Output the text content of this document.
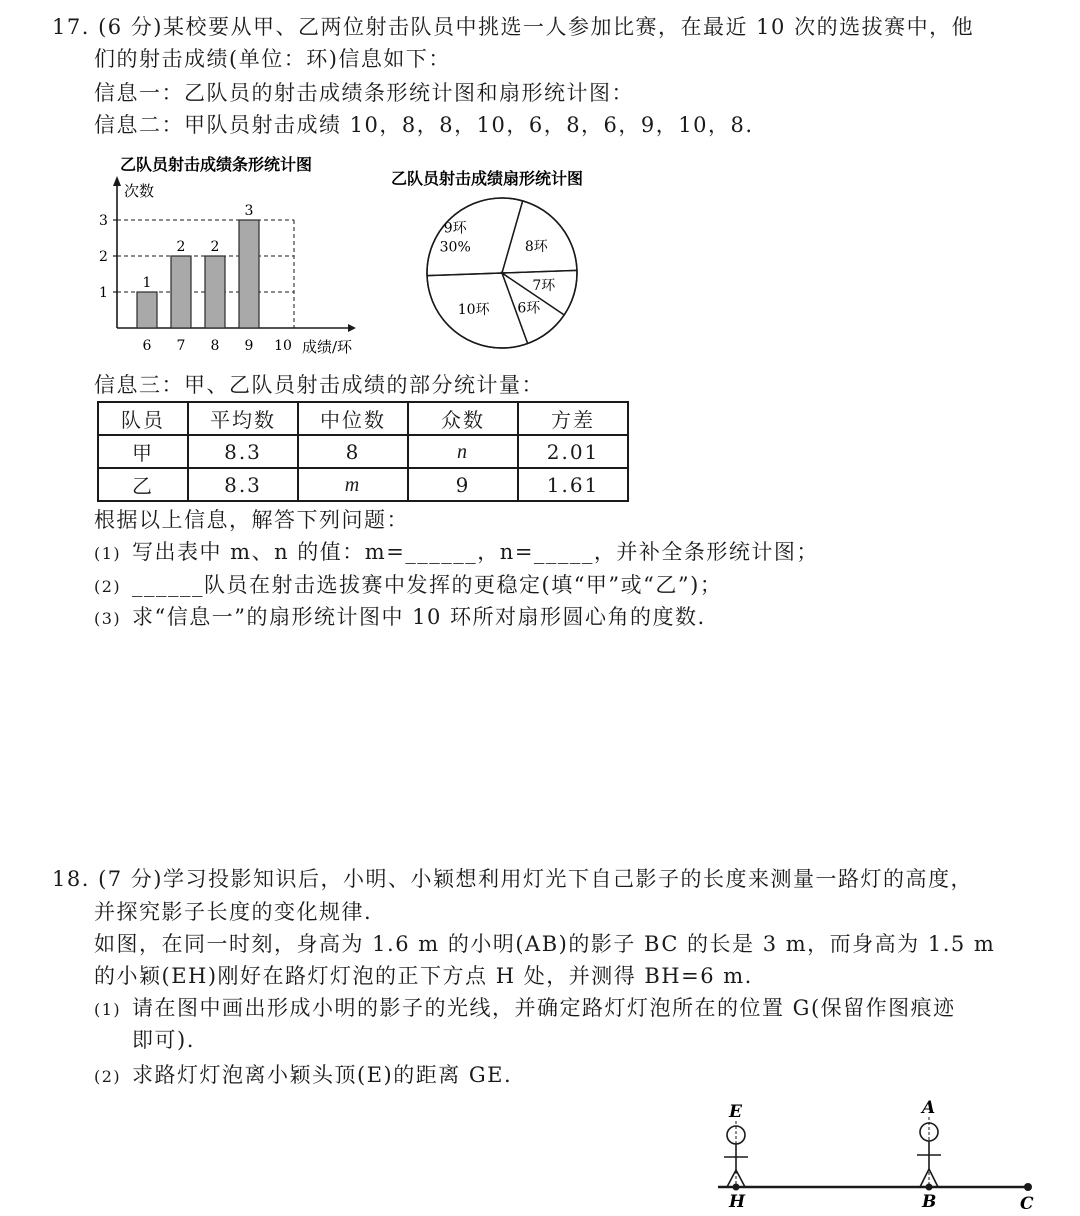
17. (6 分)某校要从甲、乙两位射击队员中挑选一人参加比赛，在最近 10 次的选拔赛中，他
们的射击成绩(单位：环)信息如下：
信息一：乙队员的射击成绩条形统计图和扇形统计图：
信息二：甲队员射击成绩 10，8，8，10，6，8，6，9，10，8.
乙队员射击成绩条形统计图
次数
1
2
3
1
6
2
7
2
8
3
9 10 成绩/环
乙队员射击成绩扇形统计图
9环
30%	8环
7环
6环
10环
信息三：甲、乙队员射击成绩的部分统计量：
队员	平均数	中位数	众数	方差
甲	8.3	8	n	2.01
乙	8.3	m	9	1.61
根据以上信息，解答下列问题：
(1) 写出表中 m、n 的值：m=______，n=_____，并补全条形统计图；
(2) ______队员在射击选拔赛中发挥的更稳定(填“甲”或“乙”)；
(3) 求“信息一”的扇形统计图中 10 环所对扇形圆心角的度数.
18. (7 分)学习投影知识后，小明、小颖想利用灯光下自己影子的长度来测量一路灯的高度，
并探究影子长度的变化规律.
如图，在同一时刻，身高为 1.6 m 的小明(AB)的影子 BC 的长是 3 m，而身高为 1.5 m
的小颖(EH)刚好在路灯灯泡的正下方点 H 处，并测得 BH=6 m.
(1) 请在图中画出形成小明的影子的光线，并确定路灯灯泡所在的位置 G(保留作图痕迹
即可).
(2) 求路灯灯泡离小颖头顶(E)的距离 GE.
E	A
H	B	C
